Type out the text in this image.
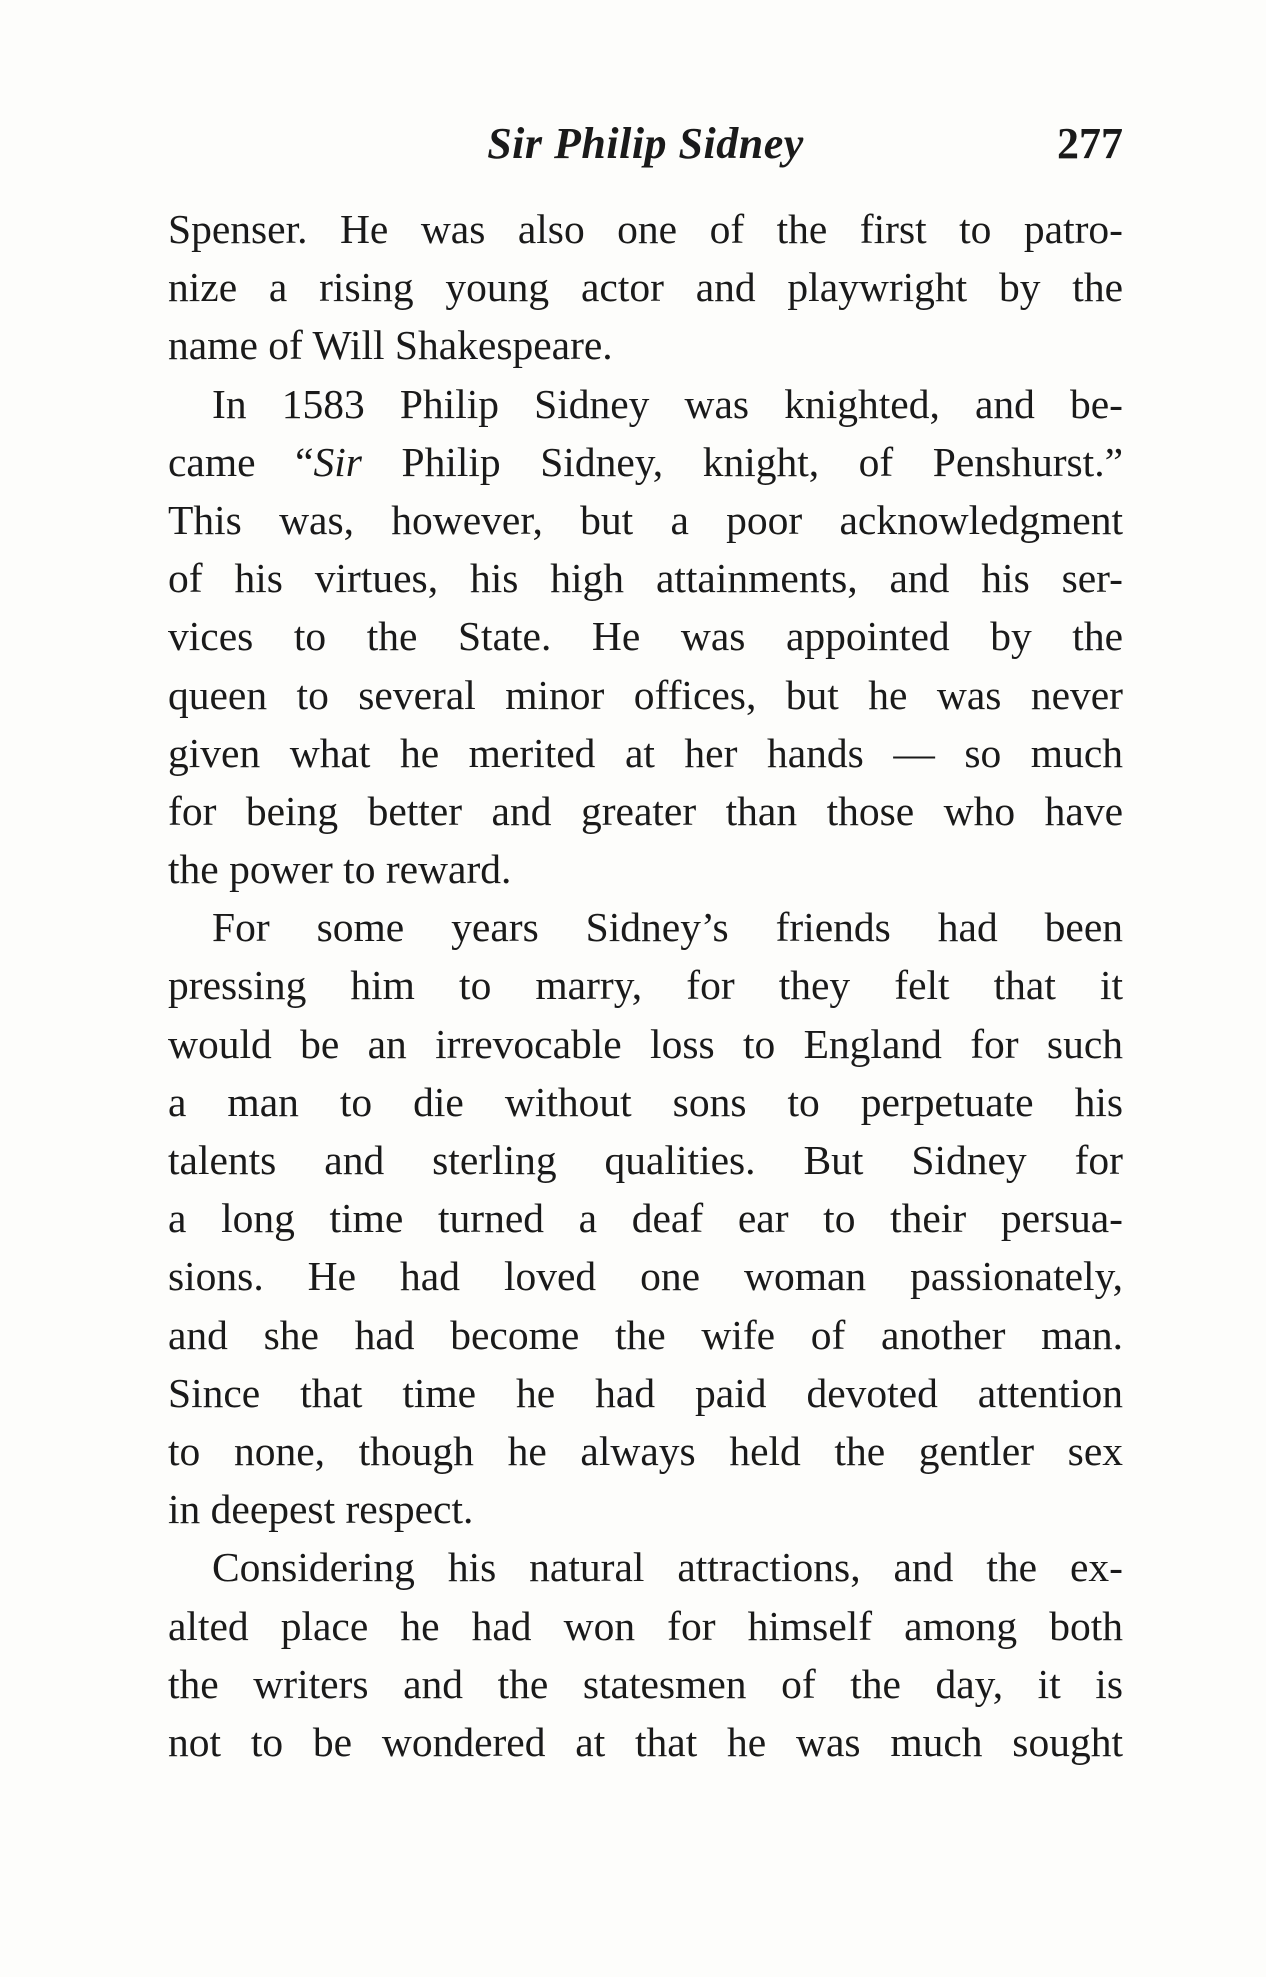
Sir Philip Sidney	277
Spenser. He was also one of the first to patro-
nize a rising young actor and playwright by the
name of Will Shakespeare.
In 1583 Philip Sidney was knighted, and be-
came “Sir Philip Sidney, knight, of Penshurst.”
This was, however, but a poor acknowledgment
of his virtues, his high attainments, and his ser-
vices to the State. He was appointed by the
queen to several minor offices, but he was never
given what he merited at her hands — so much
for being better and greater than those who have
the power to reward.
For some years Sidney’s friends had been
pressing him to marry, for they felt that it
would be an irrevocable loss to England for such
a man to die without sons to perpetuate his
talents and sterling qualities. But Sidney for
a long time turned a deaf ear to their persua-
sions. He had loved one woman passionately,
and she had become the wife of another man.
Since that time he had paid devoted attention
to none, though he always held the gentler sex
in deepest respect.
Considering his natural attractions, and the ex-
alted place he had won for himself among both
the writers and the statesmen of the day, it is
not to be wondered at that he was much sought
